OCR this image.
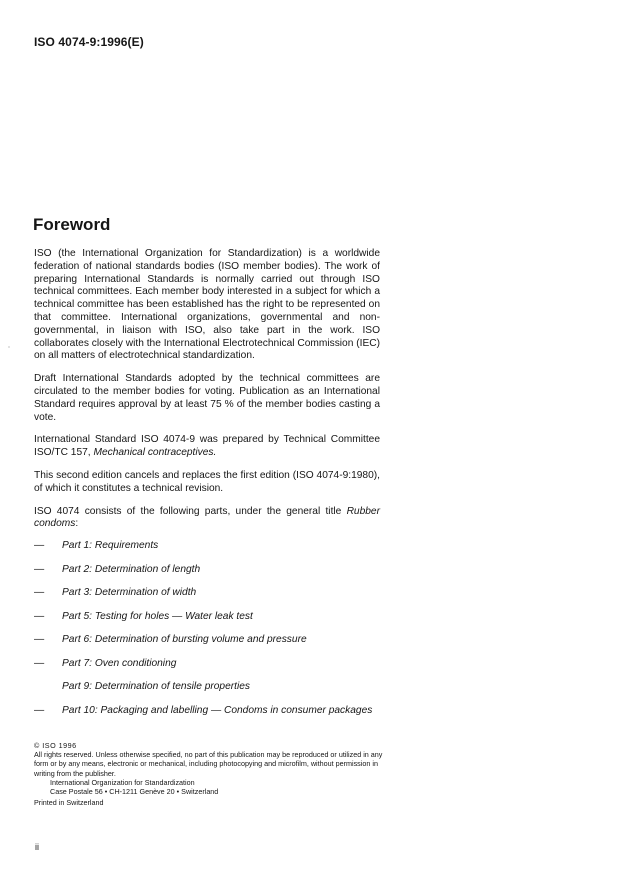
ISO 4074-9:1996(E)
Foreword

ISO (the International Organization for Standardization) is a worldwide federation of national standards bodies (ISO member bodies). The work of preparing International Standards is normally carried out through ISO technical committees. Each member body interested in a subject for which a technical committee has been established has the right to be represented on that committee. International organizations, governmental and non-governmental, in liaison with ISO, also take part in the work. ISO collaborates closely with the International Electrotechnical Commission (IEC) on all matters of electrotechnical standardization.

Draft International Standards adopted by the technical committees are circulated to the member bodies for voting. Publication as an International Standard requires approval by at least 75 % of the member bodies casting a vote.

International Standard ISO 4074-9 was prepared by Technical Committee ISO/TC 157, Mechanical contraceptives.

This second edition cancels and replaces the first edition (ISO 4074-9:1980), of which it constitutes a technical revision.

ISO 4074 consists of the following parts, under the general title Rubber condoms:

—	Part 1: Requirements
—	Part 2: Determination of length
—	Part 3: Determination of width
—	Part 5: Testing for holes — Water leak test
—	Part 6: Determination of bursting volume and pressure
—	Part 7: Oven conditioning
Part 9: Determination of tensile properties
—	Part 10: Packaging and labelling — Condoms in consumer packages
© ISO 1996
All rights reserved. Unless otherwise specified, no part of this publication may be reproduced or utilized in any form or by any means, electronic or mechanical, including photocopying and microfilm, without permission in writing from the publisher.
International Organization for Standardization
Case Postale 56 • CH-1211 Genève 20 • Switzerland
Printed in Switzerland
ii
